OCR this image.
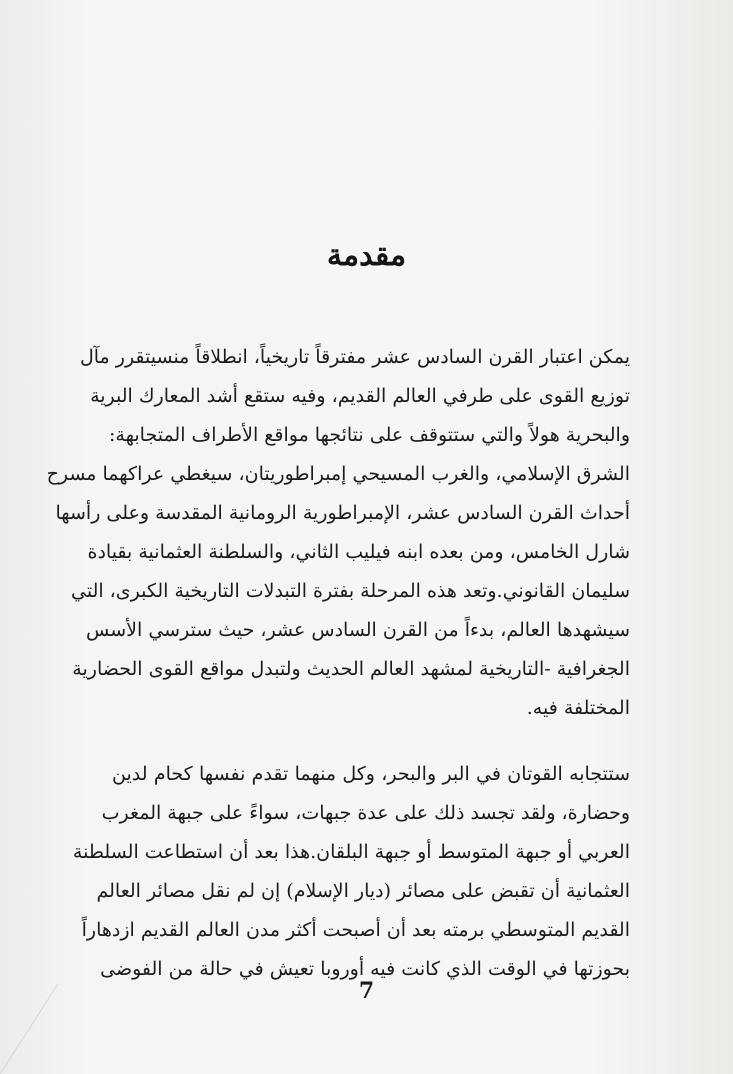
مقدمة
يمكن اعتبار القرن السادس عشر مفترقاً تاريخياً، انطلاقاً منسيتقرر مآل
توزيع القوى على طرفي العالم القديم، وفيه ستقع أشد المعارك البرية
والبحرية هولاً والتي ستتوقف على نتائجها مواقع الأطراف المتجابهة:
الشرق الإسلامي، والغرب المسيحي إمبراطوريتان، سيغطي عراكهما مسرح
أحداث القرن السادس عشر، الإمبراطورية الرومانية المقدسة وعلى رأسها
شارل الخامس، ومن بعده ابنه فيليب الثاني، والسلطنة العثمانية بقيادة
سليمان القانوني.وتعد هذه المرحلة بفترة التبدلات التاريخية الكبرى، التي
سيشهدها العالم، بدءاً من القرن السادس عشر، حيث سترسي الأسس
الجغرافية -التاريخية لمشهد العالم الحديث ولتبدل مواقع القوى الحضارية
المختلفة فيه.
ستتجابه القوتان في البر والبحر، وكل منهما تقدم نفسها كحام لدين
وحضارة، ولقد تجسد ذلك على عدة جبهات، سواءً على جبهة المغرب
العربي أو جبهة المتوسط أو جبهة البلقان.هذا بعد أن استطاعت السلطنة
العثمانية أن تقبض على مصائر (ديار الإسلام) إن لم نقل مصائر العالم
القديم المتوسطي برمته بعد أن أصبحت أكثر مدن العالم القديم ازدهاراً
بحوزتها في الوقت الذي كانت فيه أوروبا تعيش في حالة من الفوضى
7
